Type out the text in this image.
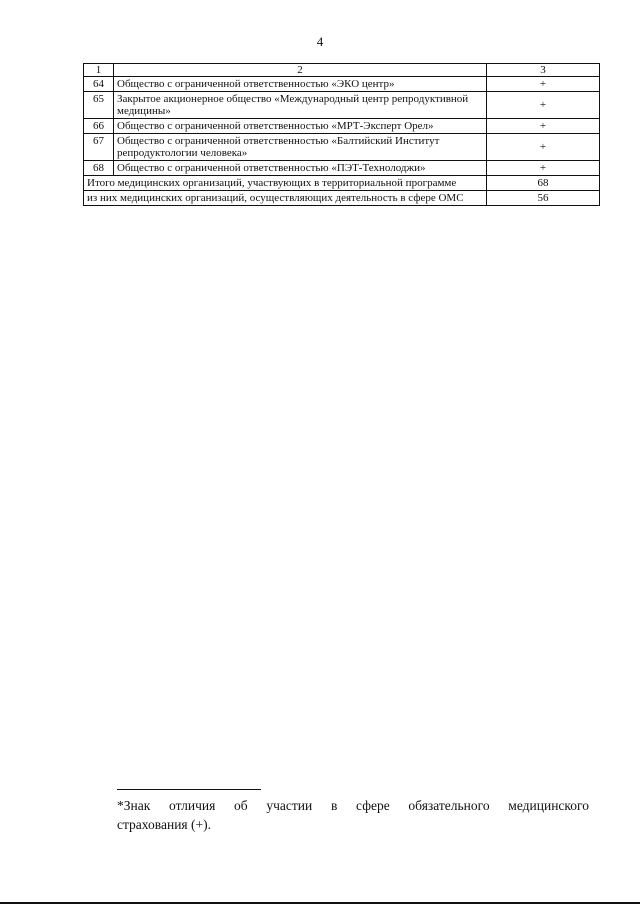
4
1	2	3
64	Общество с ограниченной ответственностью «ЭКО центр»	+
65	Закрытое акционерное общество «Международный центр репродуктивной медицины»	+
66	Общество с ограниченной ответственностью «МРТ-Эксперт Орел»	+
67	Общество с ограниченной ответственностью «Балтийский Институт репродуктологии человека»	+
68	Общество с ограниченной ответственностью «ПЭТ-Технолоджи»	+
Итого медицинских организаций, участвующих в территориальной программе		68
из них медицинских организаций, осуществляющих деятельность в сфере ОМС		56
*Знак отличия об участии в сфере обязательного медицинского
страхования (+).
